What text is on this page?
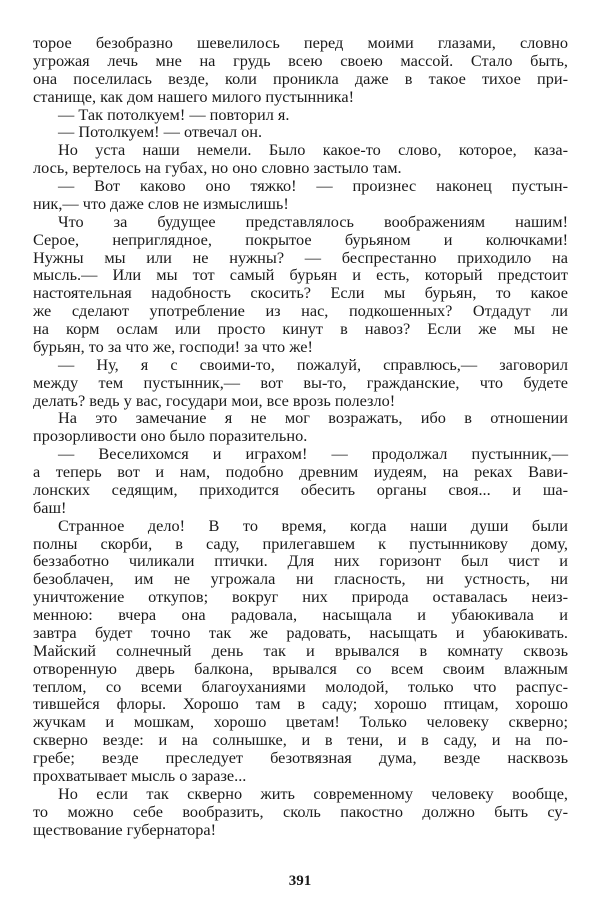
торое безобразно шевелилось перед моими глазами, словно
угрожая лечь мне на грудь всею своею массой. Стало быть,
она поселилась везде, коли проникла даже в такое тихое при-
станище, как дом нашего милого пустынника!
— Так потолкуем! — повторил я.
— Потолкуем! — отвечал он.
Но уста наши немели. Было какое-то слово, которое, каза-
лось, вертелось на губах, но оно словно застыло там.
— Вот каково оно тяжко! — произнес наконец пустын-
ник,— что даже слов не измыслишь!
Что за будущее представлялось воображениям нашим!
Серое, неприглядное, покрытое бурьяном и колючками!
Нужны мы или не нужны? — беспрестанно приходило на
мысль.— Или мы тот самый бурьян и есть, который предстоит
настоятельная надобность скосить? Если мы бурьян, то какое
же сделают употребление из нас, подкошенных? Отдадут ли
на корм ослам или просто кинут в навоз? Если же мы не
бурьян, то за что же, господи! за что же!
— Ну, я с своими-то, пожалуй, справлюсь,— заговорил
между тем пустынник,— вот вы-то, гражданские, что будете
делать? ведь у вас, государи мои, все врозь полезло!
На это замечание я не мог возражать, ибо в отношении
прозорливости оно было поразительно.
— Веселихомся и играхом! — продолжал пустынник,—
а теперь вот и нам, подобно древним иудеям, на реках Вави-
лонских седящим, приходится обесить органы своя... и ша-
баш!
Странное дело! В то время, когда наши души были
полны скорби, в саду, прилегавшем к пустынникову дому,
беззаботно чиликали птички. Для них горизонт был чист и
безоблачен, им не угрожала ни гласность, ни устность, ни
уничтожение откупов; вокруг них природа оставалась неиз-
менною: вчера она радовала, насыщала и убаюкивала и
завтра будет точно так же радовать, насыщать и убаюкивать.
Майский солнечный день так и врывался в комнату сквозь
отворенную дверь балкона, врывался со всем своим влажным
теплом, со всеми благоуханиями молодой, только что распус-
тившейся флоры. Хорошо там в саду; хорошо птицам, хорошо
жучкам и мошкам, хорошо цветам! Только человеку скверно;
скверно везде: и на солнышке, и в тени, и в саду, и на по-
гребе; везде преследует безотвязная дума, везде насквозь
прохватывает мысль о заразе...
Но если так скверно жить современному человеку вообще,
то можно себе вообразить, сколь пакостно должно быть су-
ществование губернатора!
391
